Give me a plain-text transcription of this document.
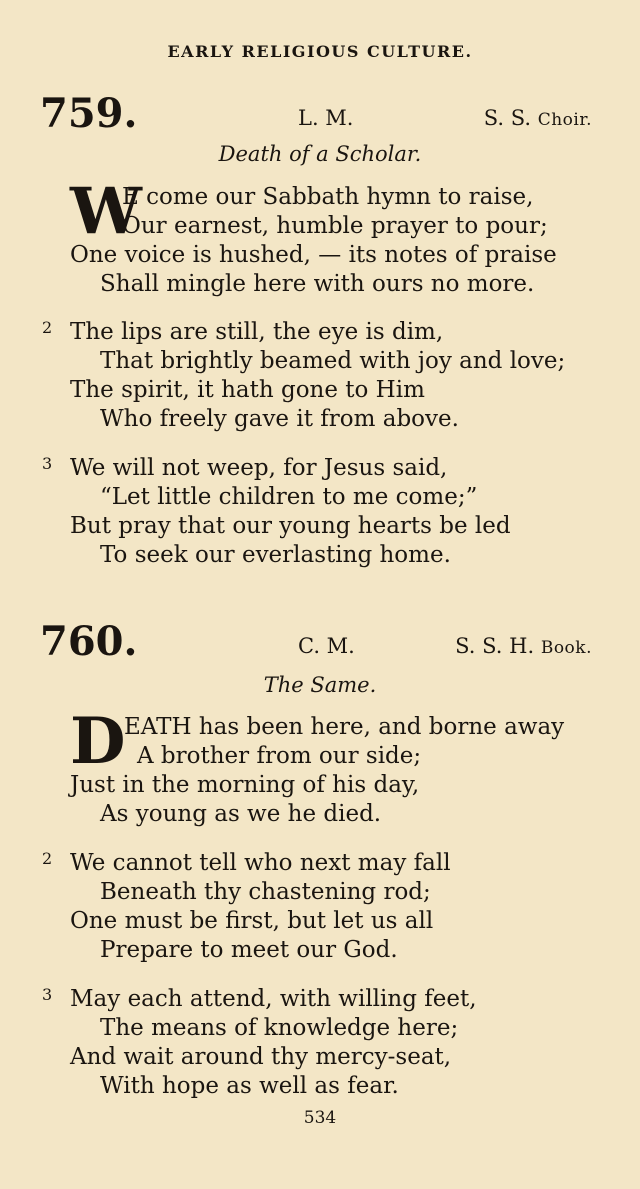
EARLY RELIGIOUS CULTURE.
759.	L. M.	S. S. Choir.
Death of a Scholar.
W
E come our Sabbath hymn to raise,
Our earnest, humble prayer to pour;
One voice is hushed, — its notes of praise
Shall mingle here with ours no more.
2 The lips are still, the eye is dim,
That brightly beamed with joy and love;
The spirit, it hath gone to Him
Who freely gave it from above.
3 We will not weep, for Jesus said,
“Let little children to me come;”
But pray that our young hearts be led
To seek our everlasting home.
760.	C. M.	S. S. H. Book.
The Same.
D
EATH has been here, and borne away
A brother from our side;
Just in the morning of his day,
As young as we he died.
2 We cannot tell who next may fall
Beneath thy chastening rod;
One must be first, but let us all
Prepare to meet our God.
3 May each attend, with willing feet,
The means of knowledge here;
And wait around thy mercy-seat,
With hope as well as fear.
534
